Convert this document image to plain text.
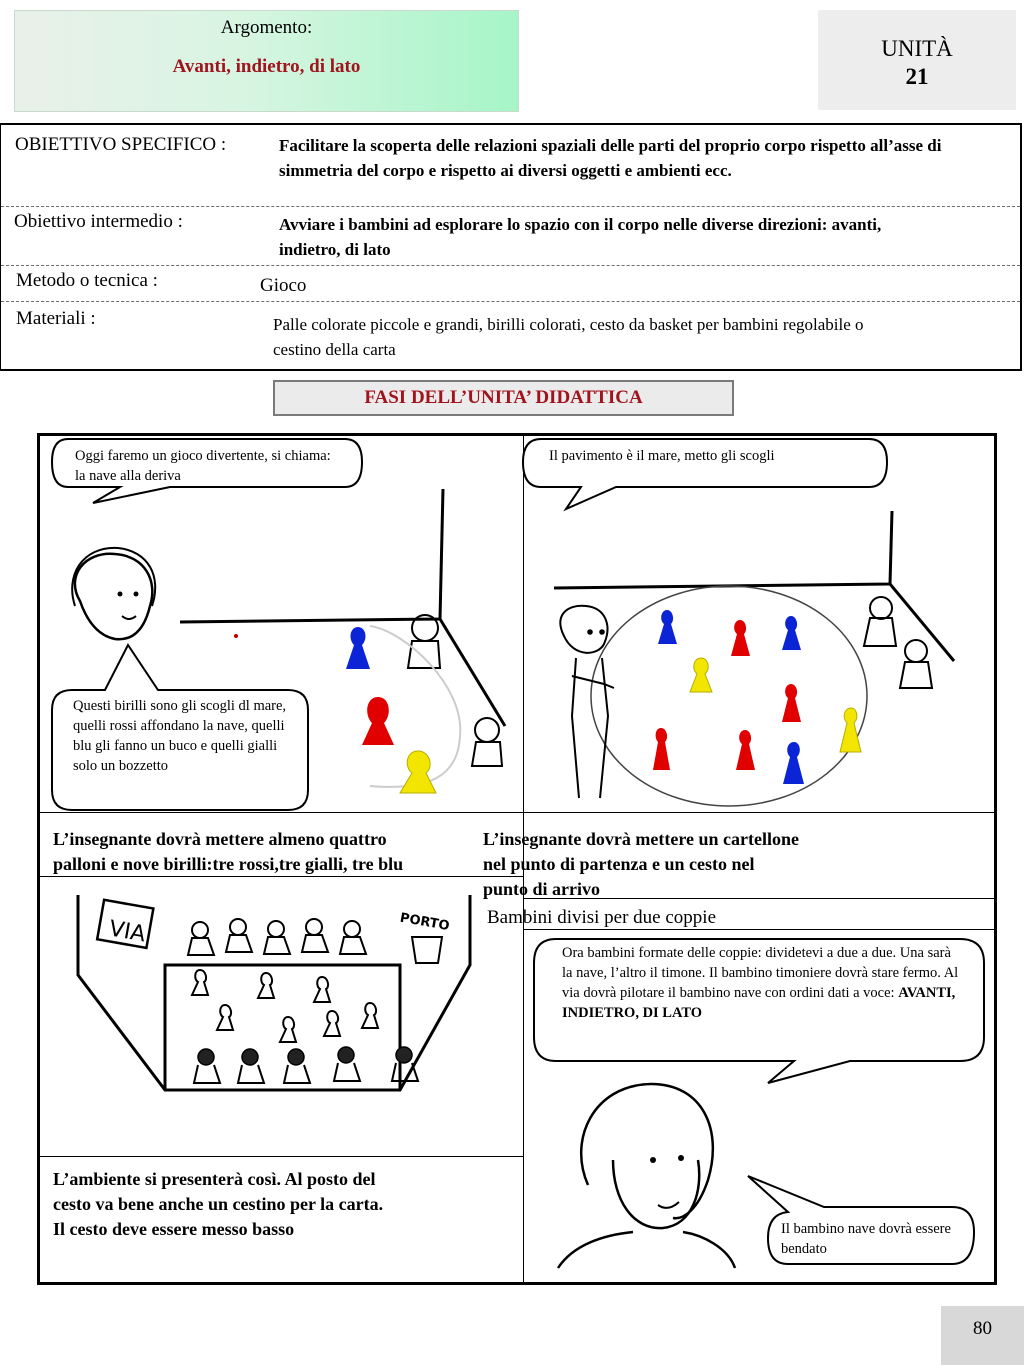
Argomento:
Avanti, indietro, di lato
UNITÀ
21
OBIETTIVO SPECIFICO :	Facilitare la scoperta delle relazioni spaziali delle parti del proprio corpo rispetto all’asse di simmetria del corpo e rispetto ai diversi oggetti e ambienti ecc.
Obiettivo intermedio :	Avviare i bambini ad esplorare lo spazio con il corpo nelle diverse direzioni: avanti, indietro, di lato
Metodo o tecnica :	Gioco
Materiali :	Palle colorate piccole e grandi, birilli colorati, cesto da basket per bambini regolabile o cestino della carta
FASI DELL’UNITA’ DIDATTICA
Oggi faremo un gioco divertente, si chiama: la nave alla deriva
Questi birilli sono gli scogli dl mare, quelli rossi affondano la nave, quelli blu gli fanno un buco e quelli gialli solo un bozzetto
Il pavimento è il mare, metto gli scogli
L’insegnante dovrà mettere almeno quattro
palloni e nove birilli:tre rossi,tre gialli, tre blu
L’insegnante dovrà mettere un cartellone
nel punto di partenza e un cesto nel
punto di arrivo
Bambini divisi per due coppie
VIA	PORTO
Ora bambini formate delle coppie: dividetevi a due a due. Una sarà la nave, l’altro il timone. Il bambino timoniere dovrà stare fermo. Al via dovrà pilotare il bambino nave con ordini dati a voce: AVANTI, INDIETRO, DI LATO
Il bambino nave dovrà essere bendato
L’ambiente si presenterà così. Al posto del
cesto va bene anche un cestino per la carta.
Il cesto deve essere messo basso
80
